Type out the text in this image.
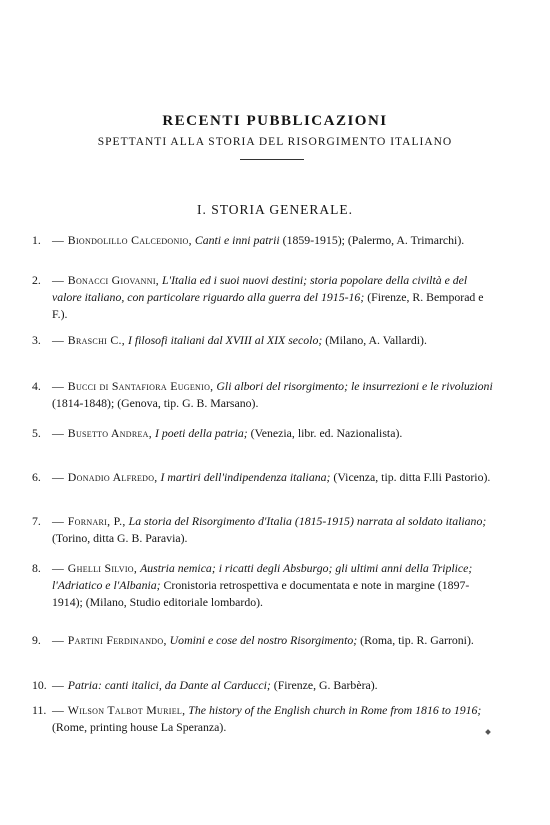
RECENTI PUBBLICAZIONI
SPETTANTI ALLA STORIA DEL RISORGIMENTO ITALIANO
I. STORIA GENERALE.
1. — Biondolillo Calcedonio, Canti e inni patrii (1859-1915); (Palermo, A. Trimarchi).
2. — Bonacci Giovanni, L'Italia ed i suoi nuovi destini; storia popolare della civiltà e del valore italiano, con particolare riguardo alla guerra del 1915-16; (Firenze, R. Bemporad e F.).
3. — Braschi C., I filosofi italiani dal XVIII al XIX secolo; (Milano, A. Vallardi).
4. — Bucci di Santafiora Eugenio, Gli albori del risorgimento; le insurrezioni e le rivoluzioni (1814-1848); (Genova, tip. G. B. Marsano).
5. — Busetto Andrea, I poeti della patria; (Venezia, libr. ed. Nazionalista).
6. — Donadio Alfredo, I martiri dell'indipendenza italiana; (Vicenza, tip. ditta F.lli Pastorio).
7. — Fornari, P., La storia del Risorgimento d'Italia (1815-1915) narrata al soldato italiano; (Torino, ditta G. B. Paravia).
8. — Ghelli Silvio, Austria nemica; i ricatti degli Absburgo; gli ultimi anni della Triplice; l'Adriatico e l'Albania; Cronistoria retrospettiva e documentata e note in margine (1897-1914); (Milano, Studio editoriale lombardo).
9. — Partini Ferdinando, Uomini e cose del nostro Risorgimento; (Roma, tip. R. Garroni).
10. — Patria: canti italici, da Dante al Carducci; (Firenze, G. Barbèra).
11. — Wilson Talbot Muriel, The history of the English church in Rome from 1816 to 1916; (Rome, printing house La Speranza).
